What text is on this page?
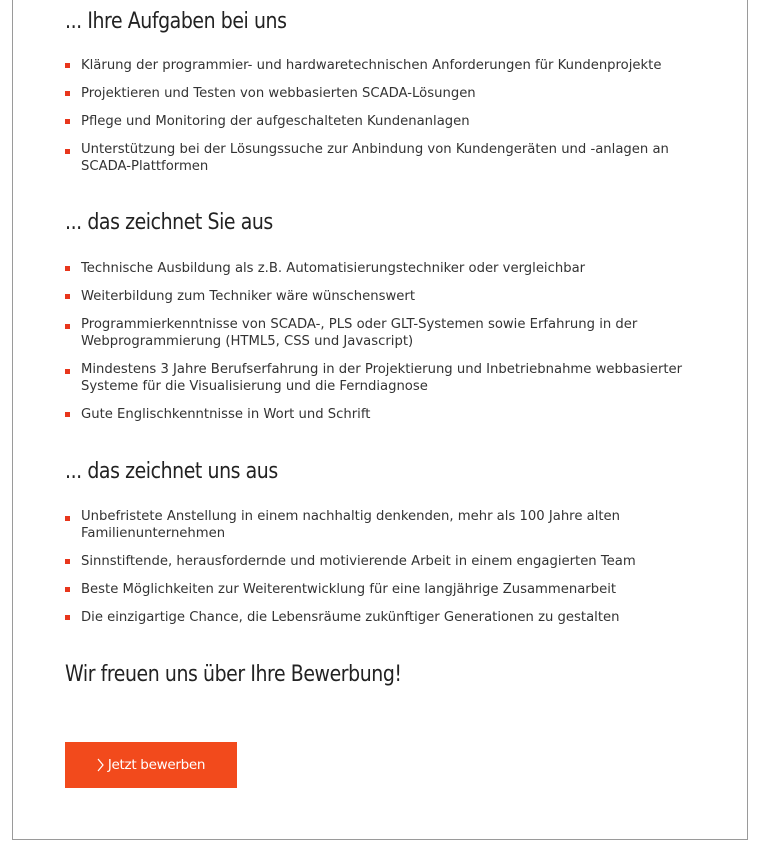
... Ihre Aufgaben bei uns
Klärung der programmier- und hardwaretechnischen Anforderungen für Kundenprojekte
Projektieren und Testen von webbasierten SCADA-Lösungen
Pflege und Monitoring der aufgeschalteten Kundenanlagen
Unterstützung bei der Lösungssuche zur Anbindung von Kundengeräten und -anlagen an SCADA-Plattformen
... das zeichnet Sie aus
Technische Ausbildung als z.B. Automatisierungstechniker oder vergleichbar
Weiterbildung zum Techniker wäre wünschenswert
Programmierkenntnisse von SCADA-, PLS oder GLT-Systemen sowie Erfahrung in der Webprogrammierung (HTML5, CSS und Javascript)
Mindestens 3 Jahre Berufserfahrung in der Projektierung und Inbetriebnahme webbasierter Systeme für die Visualisierung und die Ferndiagnose
Gute Englischkenntnisse in Wort und Schrift
... das zeichnet uns aus
Unbefristete Anstellung in einem nachhaltig denkenden, mehr als 100 Jahre alten Familienunternehmen
Sinnstiftende, herausfordernde und motivierende Arbeit in einem engagierten Team
Beste Möglichkeiten zur Weiterentwicklung für eine langjährige Zusammenarbeit
Die einzigartige Chance, die Lebensräume zukünftiger Generationen zu gestalten
Wir freuen uns über Ihre Bewerbung!
Jetzt bewerben
